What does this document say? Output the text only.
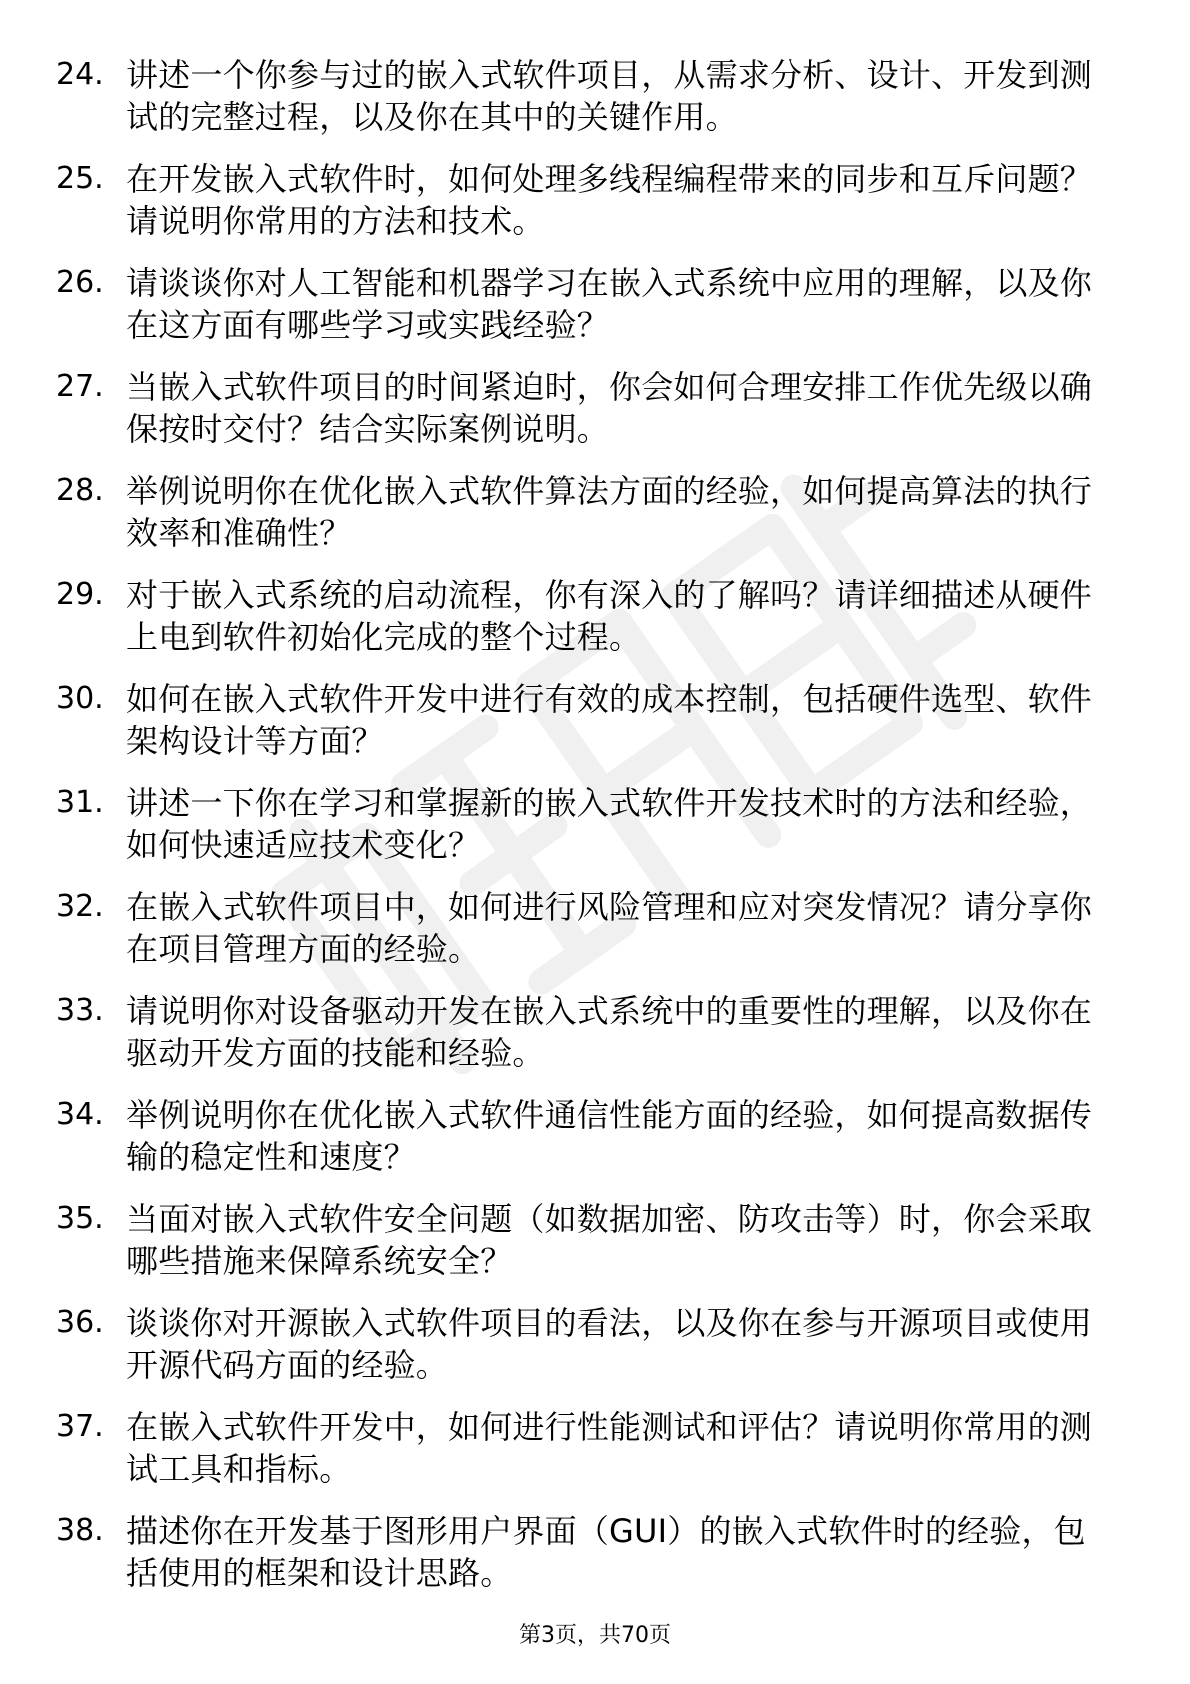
24. 讲述一个你参与过的嵌入式软件项目，从需求分析、设计、开发到测试的完整过程，以及你在其中的关键作用。
25. 在开发嵌入式软件时，如何处理多线程编程带来的同步和互斥问题？请说明你常用的方法和技术。
26. 请谈谈你对人工智能和机器学习在嵌入式系统中应用的理解，以及你在这方面有哪些学习或实践经验？
27. 当嵌入式软件项目的时间紧迫时，你会如何合理安排工作优先级以确保按时交付？结合实际案例说明。
28. 举例说明你在优化嵌入式软件算法方面的经验，如何提高算法的执行效率和准确性？
29. 对于嵌入式系统的启动流程，你有深入的了解吗？请详细描述从硬件上电到软件初始化完成的整个过程。
30. 如何在嵌入式软件开发中进行有效的成本控制，包括硬件选型、软件架构设计等方面？
31. 讲述一下你在学习和掌握新的嵌入式软件开发技术时的方法和经验，如何快速适应技术变化？
32. 在嵌入式软件项目中，如何进行风险管理和应对突发情况？请分享你在项目管理方面的经验。
33. 请说明你对设备驱动开发在嵌入式系统中的重要性的理解，以及你在驱动开发方面的技能和经验。
34. 举例说明你在优化嵌入式软件通信性能方面的经验，如何提高数据传输的稳定性和速度？
35. 当面对嵌入式软件安全问题（如数据加密、防攻击等）时，你会采取哪些措施来保障系统安全？
36. 谈谈你对开源嵌入式软件项目的看法，以及你在参与开源项目或使用开源代码方面的经验。
37. 在嵌入式软件开发中，如何进行性能测试和评估？请说明你常用的测试工具和指标。
38. 描述你在开发基于图形用户界面（GUI）的嵌入式软件时的经验，包括使用的框架和设计思路。
第3页，共70页
